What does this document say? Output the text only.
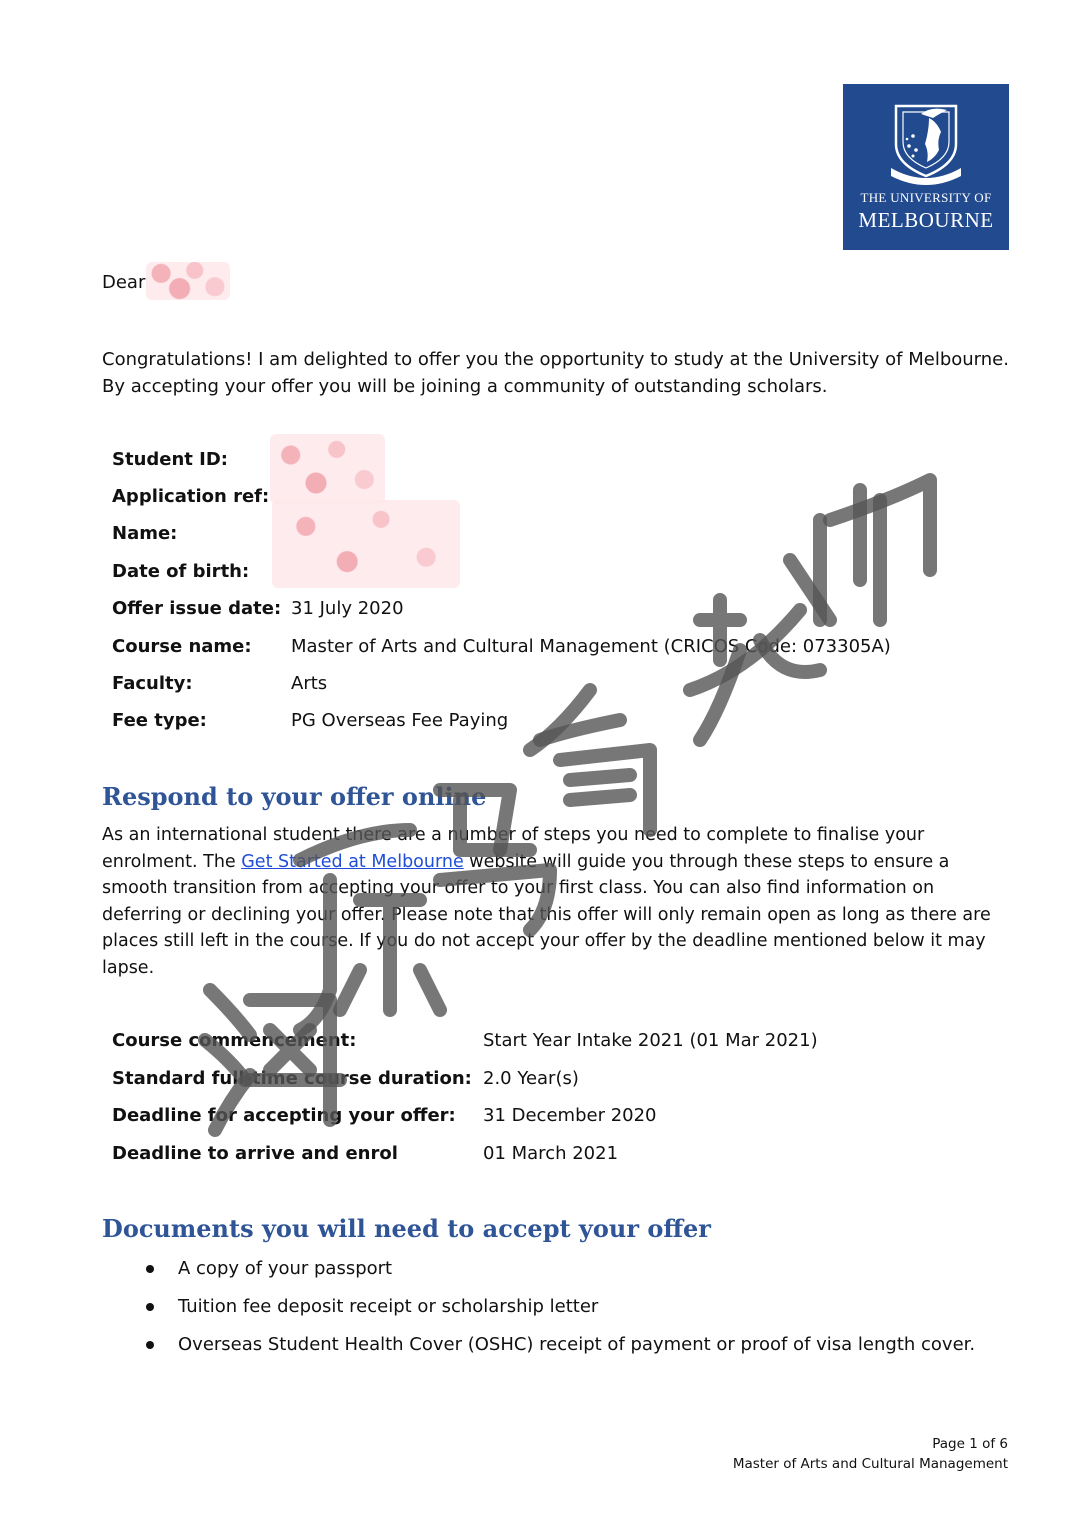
THE UNIVERSITY OF
MELBOURNE
Dear
Congratulations! I am delighted to offer you the opportunity to study at the University of Melbourne. By accepting your offer you will be joining a community of outstanding scholars.
Student ID:
Application ref:
Name:
Date of birth:
Offer issue date: 31 July 2020
Course name: Master of Arts and Cultural Management (CRICOS Code: 073305A)
Faculty:	Arts
Fee type:	PG Overseas Fee Paying
Respond to your offer online
As an international student there are a number of steps you need to complete to finalise your enrolment. The Get Started at Melbourne website will guide you through these steps to ensure a smooth transition from accepting your offer to your first class. You can also find information on deferring or declining your offer. Please note that this offer will only remain open as long as there are places still left in the course. If you do not accept your offer by the deadline mentioned below it may lapse.
Course commencement:	Start Year Intake 2021 (01 Mar 2021)
Standard full-time course duration: 2.0 Year(s)
Deadline for accepting your offer: 31 December 2020
Deadline to arrive and enrol	01 March 2021
Documents you will need to accept your offer
A copy of your passport
Tuition fee deposit receipt or scholarship letter
Overseas Student Health Cover (OSHC) receipt of payment or proof of visa length cover.
Page 1 of 6
Master of Arts and Cultural Management
